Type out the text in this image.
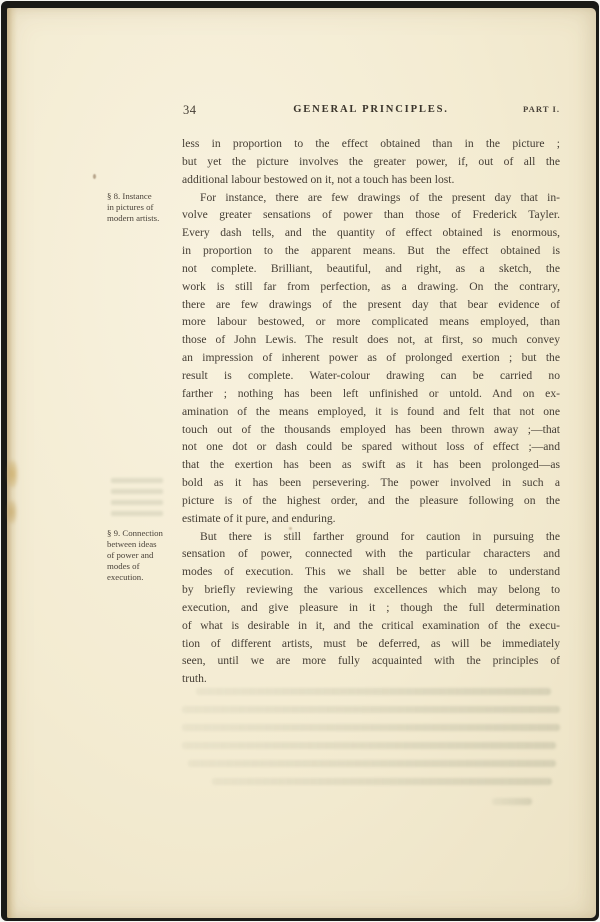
34	GENERAL PRINCIPLES.	PART I.
§ 8. Instance
in pictures of
modern artists.
§ 9. Connection
between ideas
of power and
modes of
execution.
less in proportion to the effect obtained than in the picture ;
but yet the picture involves the greater power, if, out of all the
additional labour bestowed on it, not a touch has been lost.
For instance, there are few drawings of the present day that in-
volve greater sensations of power than those of Frederick Tayler.
Every dash tells, and the quantity of effect obtained is enormous,
in proportion to the apparent means. But the effect obtained is
not complete. Brilliant, beautiful, and right, as a sketch, the
work is still far from perfection, as a drawing. On the contrary,
there are few drawings of the present day that bear evidence of
more labour bestowed, or more complicated means employed, than
those of John Lewis. The result does not, at first, so much convey
an impression of inherent power as of prolonged exertion ; but the
result is complete. Water-colour drawing can be carried no
farther ; nothing has been left unfinished or untold. And on ex-
amination of the means employed, it is found and felt that not one
touch out of the thousands employed has been thrown away ;—that
not one dot or dash could be spared without loss of effect ;—and
that the exertion has been as swift as it has been prolonged—as
bold as it has been persevering. The power involved in such a
picture is of the highest order, and the pleasure following on the
estimate of it pure, and enduring.
But there is still farther ground for caution in pursuing the
sensation of power, connected with the particular characters and
modes of execution. This we shall be better able to understand
by briefly reviewing the various excellences which may belong to
execution, and give pleasure in it ; though the full determination
of what is desirable in it, and the critical examination of the execu-
tion of different artists, must be deferred, as will be immediately
seen, until we are more fully acquainted with the principles of
truth.
